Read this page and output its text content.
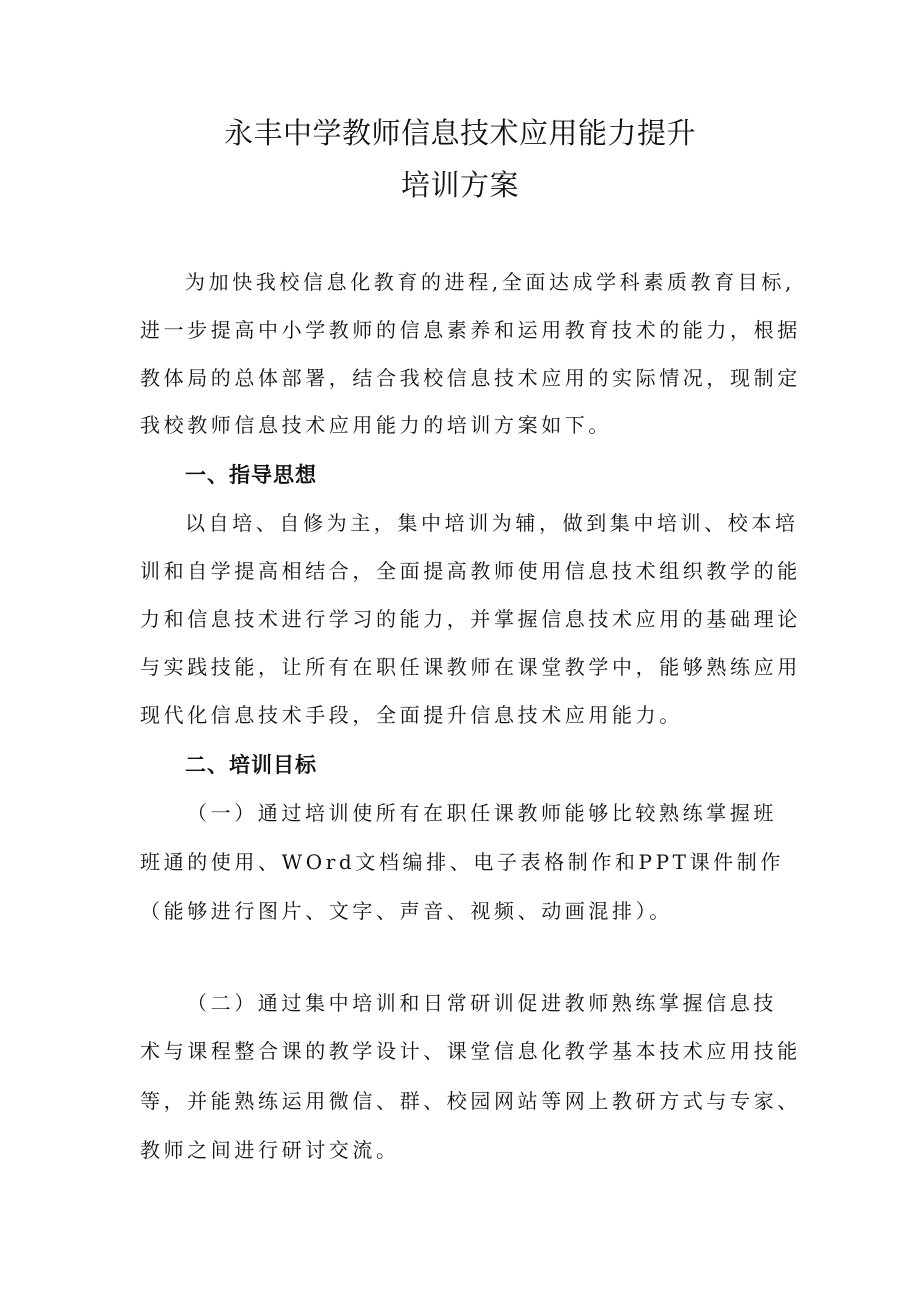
永丰中学教师信息技术应用能力提升
培训方案

为加快我校信息化教育的进程,全面达成学科素质教育目标,

进一步提高中小学教师的信息素养和运用教育技术的能力，根据

教体局的总体部署，结合我校信息技术应用的实际情况，现制定

我校教师信息技术应用能力的培训方案如下。

一、指导思想

以自培、自修为主，集中培训为辅，做到集中培训、校本培

训和自学提高相结合，全面提高教师使用信息技术组织教学的能

力和信息技术进行学习的能力，并掌握信息技术应用的基础理论

与实践技能，让所有在职任课教师在课堂教学中，能够熟练应用

现代化信息技术手段，全面提升信息技术应用能力。

二、培训目标

（一）通过培训使所有在职任课教师能够比较熟练掌握班

班通的使用、WOrd文档编排、电子表格制作和PPT课件制作

（能够进行图片、文字、声音、视频、动画混排）。

（二）通过集中培训和日常研训促进教师熟练掌握信息技

术与课程整合课的教学设计、课堂信息化教学基本技术应用技能

等，并能熟练运用微信、群、校园网站等网上教研方式与专家、

教师之间进行研讨交流。
